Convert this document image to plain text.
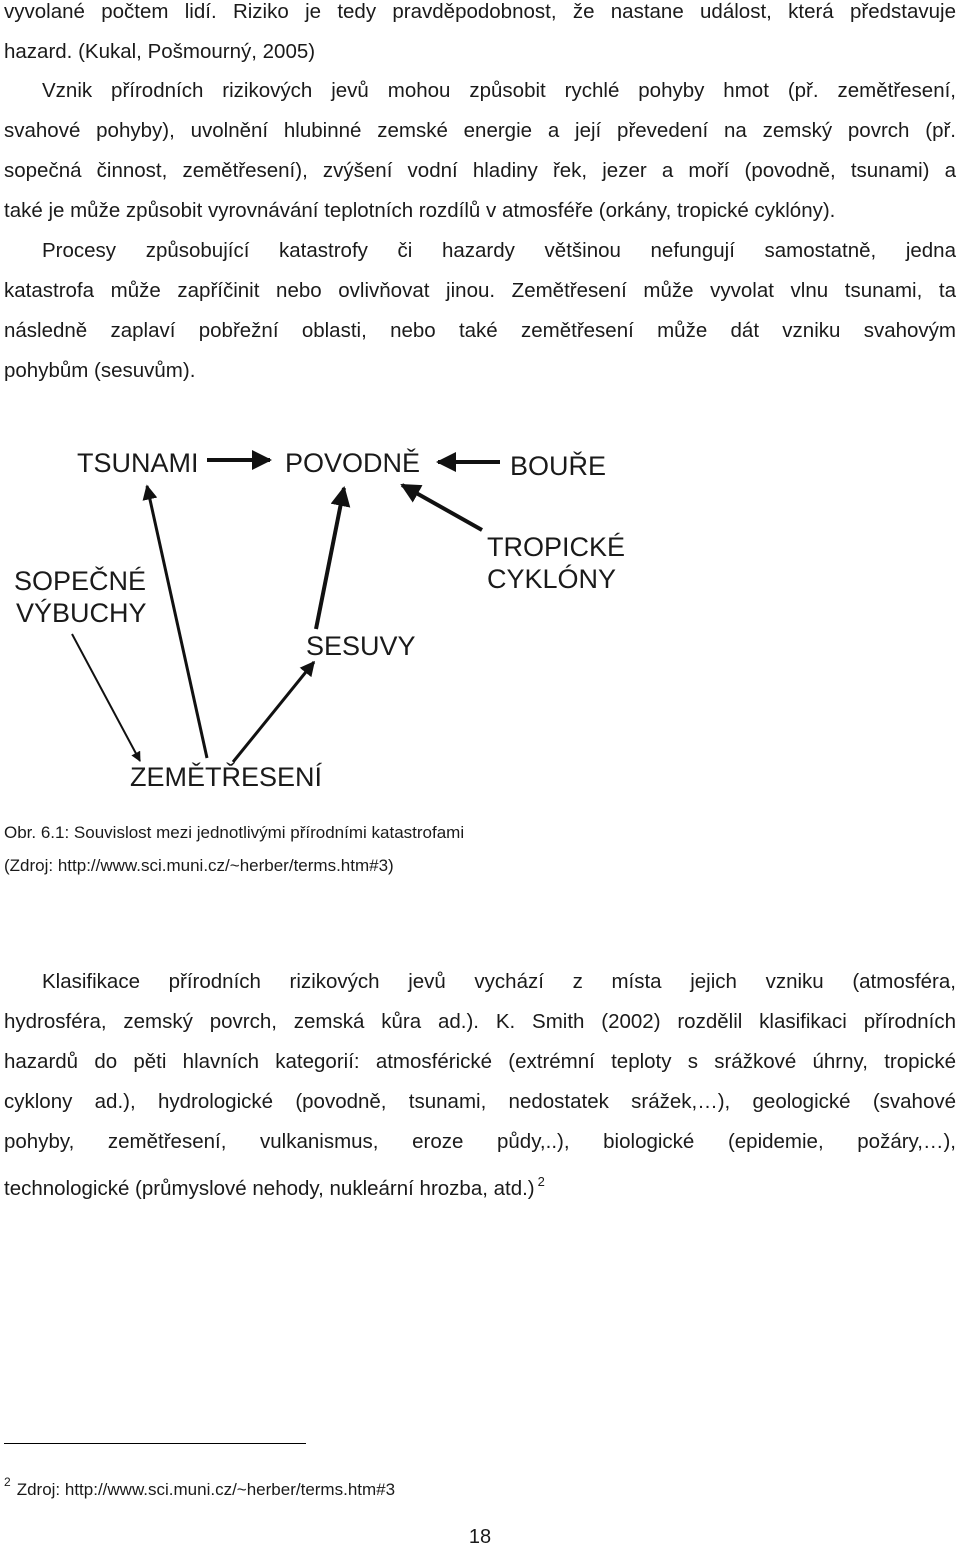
vyvolané počtem lidí. Riziko je tedy pravděpodobnost, že nastane událost, která představuje
hazard. (Kukal, Pošmourný, 2005)
Vznik přírodních rizikových jevů mohou způsobit rychlé pohyby hmot (př. zemětřesení,
svahové pohyby), uvolnění hlubinné zemské energie a její převedení na zemský povrch (př.
sopečná činnost, zemětřesení), zvýšení vodní hladiny řek, jezer a moří (povodně, tsunami) a
také je může způsobit vyrovnávání teplotních rozdílů v atmosféře (orkány, tropické cyklóny).
Procesy způsobující katastrofy či hazardy většinou nefungují samostatně, jedna
katastrofa může zapříčinit nebo ovlivňovat jinou. Zemětřesení může vyvolat vlnu tsunami, ta
následně zaplaví pobřežní oblasti, nebo také zemětřesení může dát vzniku svahovým
pohybům (sesuvům).
TSUNAMI	POVODNĚ	BOUŘE
TROPICKÉ
CYKLÓNY
SOPEČNÉ
VÝBUCHY
SESUVY
ZEMĚTŘESENÍ
Obr. 6.1: Souvislost mezi jednotlivými přírodními katastrofami
(Zdroj: http://www.sci.muni.cz/~herber/terms.htm#3)
Klasifikace přírodních rizikových jevů vychází z místa jejich vzniku (atmosféra,
hydrosféra, zemský povrch, zemská kůra ad.). K. Smith (2002) rozdělil klasifikaci přírodních
hazardů do pěti hlavních kategorií: atmosférické (extrémní teploty s srážkové úhrny, tropické
cyklony ad.), hydrologické (povodně, tsunami, nedostatek srážek,…), geologické (svahové
pohyby, zemětřesení, vulkanismus, eroze půdy,..), biologické (epidemie, požáry,…),
technologické (průmyslové nehody, nukleární hrozba, atd.) $^2$
$^2$ Zdroj: http://www.sci.muni.cz/~herber/terms.htm#3
18
